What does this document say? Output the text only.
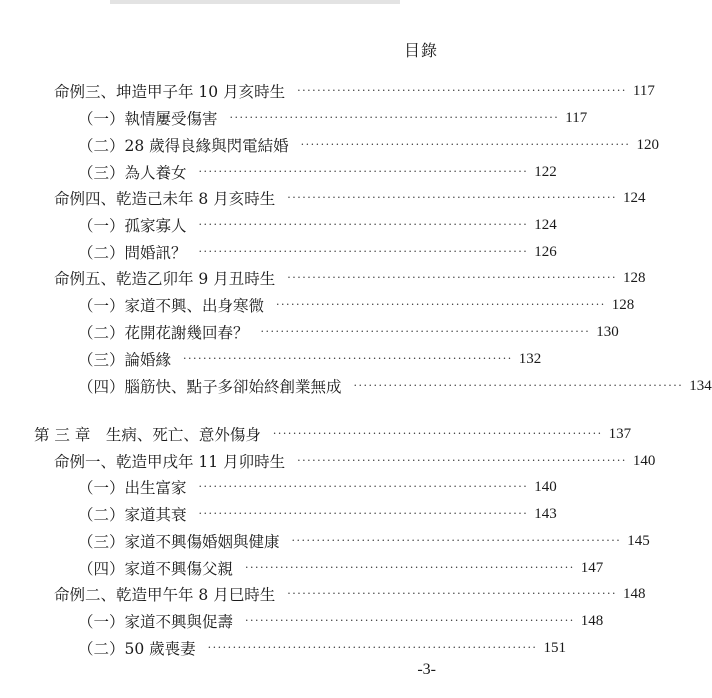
目錄
命例三、坤造甲子年 10 月亥時生 ·································································· 117
（一）執情屢受傷害 ·································································· 117
（二）28 歲得良緣與閃電結婚 ·································································· 120
（三）為人養女 ·································································· 122
命例四、乾造己未年 8 月亥時生 ·································································· 124
（一）孤家寡人 ·································································· 124
（二）問婚訊？ ·································································· 126
命例五、乾造乙卯年 9 月丑時生 ·································································· 128
（一）家道不興、出身寒微 ·································································· 128
（二）花開花謝幾回春？ ·································································· 130
（三）論婚緣 ·································································· 132
（四）腦筋快、點子多卻始終創業無成 ·································································· 134
第 三 章　生病、死亡、意外傷身 ·································································· 137
命例一、乾造甲戌年 11 月卯時生 ·································································· 140
（一）出生富家 ·································································· 140
（二）家道其衰 ·································································· 143
（三）家道不興傷婚姻與健康 ·································································· 145
（四）家道不興傷父親 ·································································· 147
命例二、乾造甲午年 8 月巳時生 ·································································· 148
（一）家道不興與促壽 ·································································· 148
（二）50 歲喪妻 ·································································· 151
-3-
